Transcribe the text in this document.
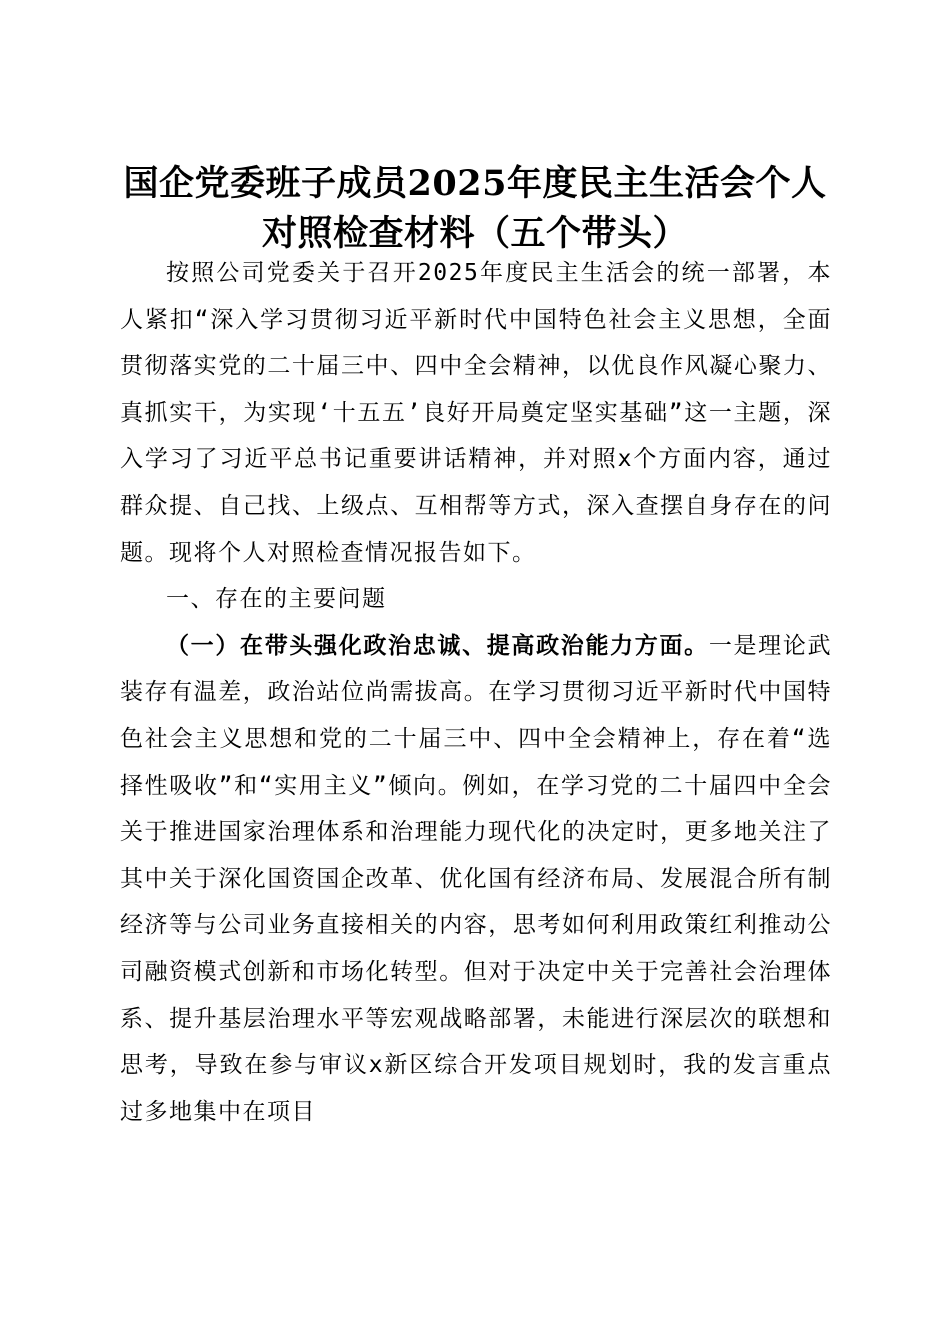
国企党委班子成员2025年度民主生活会个人
对照检查材料（五个带头）

按照公司党委关于召开2025年度民主生活会的统一部署，本人紧扣“深入学习贯彻习近平新时代中国特色社会主义思想，全面贯彻落实党的二十届三中、四中全会精神，以优良作风凝心聚力、真抓实干，为实现‘十五五’良好开局奠定坚实基础”这一主题，深入学习了习近平总书记重要讲话精神，并对照x个方面内容，通过群众提、自己找、上级点、互相帮等方式，深入查摆自身存在的问题。现将个人对照检查情况报告如下。

一、存在的主要问题

（一）在带头强化政治忠诚、提高政治能力方面。一是理论武装存有温差，政治站位尚需拔高。在学习贯彻习近平新时代中国特色社会主义思想和党的二十届三中、四中全会精神上，存在着“选择性吸收”和“实用主义”倾向。例如，在学习党的二十届四中全会关于推进国家治理体系和治理能力现代化的决定时，更多地关注了其中关于深化国资国企改革、优化国有经济布局、发展混合所有制经济等与公司业务直接相关的内容，思考如何利用政策红利推动公司融资模式创新和市场化转型。但对于决定中关于完善社会治理体系、提升基层治理水平等宏观战略部署，未能进行深层次的联想和思考，导致在参与审议x新区综合开发项目规划时，我的发言重点过多地集中在项目
